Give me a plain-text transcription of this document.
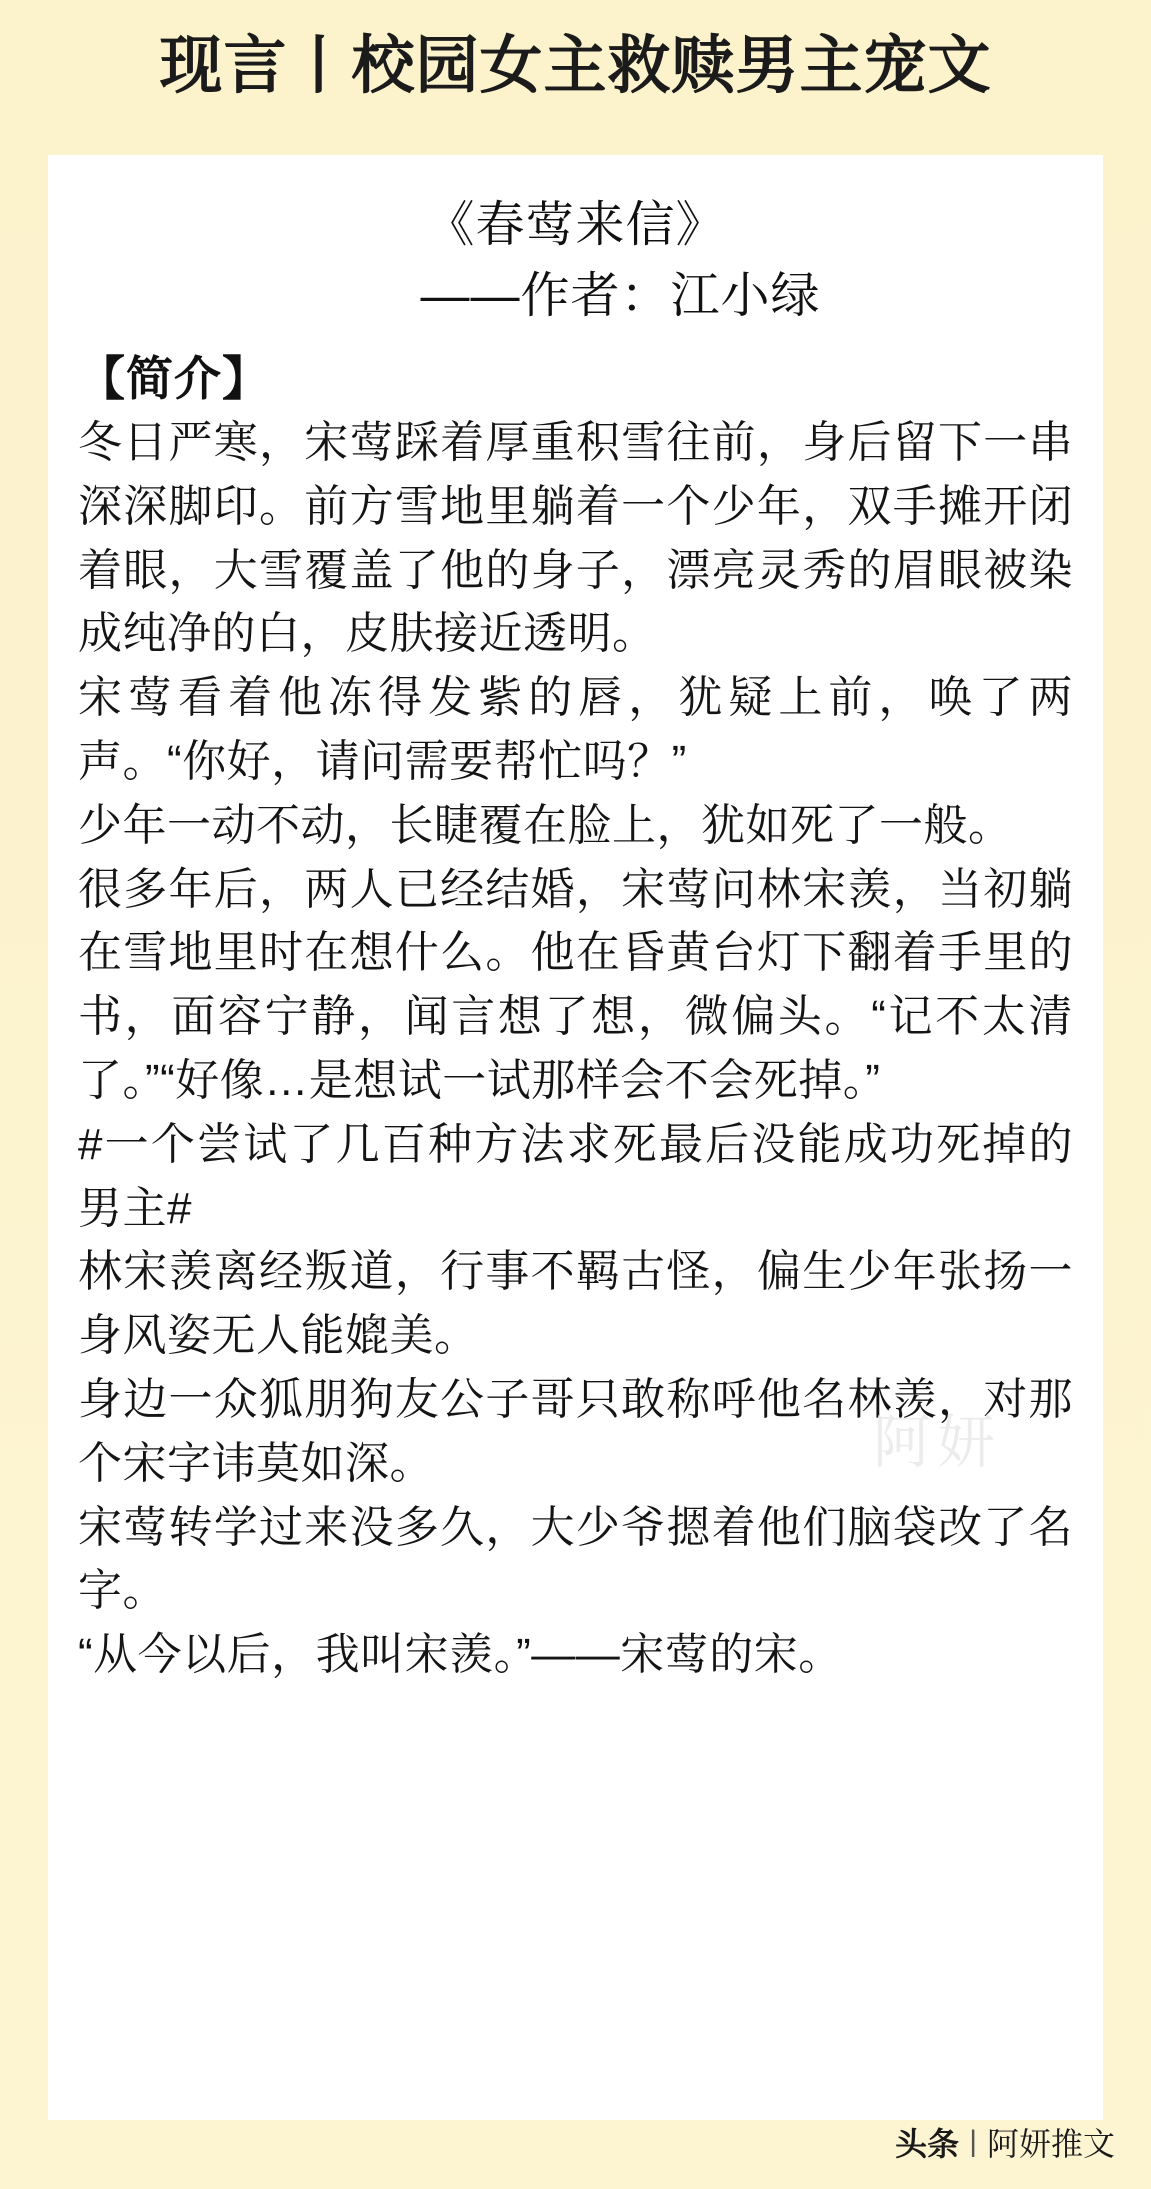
现言丨校园女主救赎男主宠文
《春莺来信》
——作者：江小绿
【简介】

冬日严寒，宋莺踩着厚重积雪往前，身后留下一串深深脚印。前方雪地里躺着一个少年，双手摊开闭着眼，大雪覆盖了他的身子，漂亮灵秀的眉眼被染成纯净的白，皮肤接近透明。

宋莺看着他冻得发紫的唇，犹疑上前，唤了两声。“你好，请问需要帮忙吗？”

少年一动不动，长睫覆在脸上，犹如死了一般。

很多年后，两人已经结婚，宋莺问林宋羡，当初躺在雪地里时在想什么。他在昏黄台灯下翻着手里的书，面容宁静，闻言想了想，微偏头。“记不太清了。”“好像…是想试一试那样会不会死掉。”

#一个尝试了几百种方法求死最后没能成功死掉的男主#

林宋羡离经叛道，行事不羁古怪，偏生少年张扬一身风姿无人能媲美。

身边一众狐朋狗友公子哥只敢称呼他名林羡，对那个宋字讳莫如深。

宋莺转学过来没多久，大少爷摁着他们脑袋改了名字。

“从今以后，我叫宋羡。”——宋莺的宋。

阿妍
头条 | 阿妍推文
